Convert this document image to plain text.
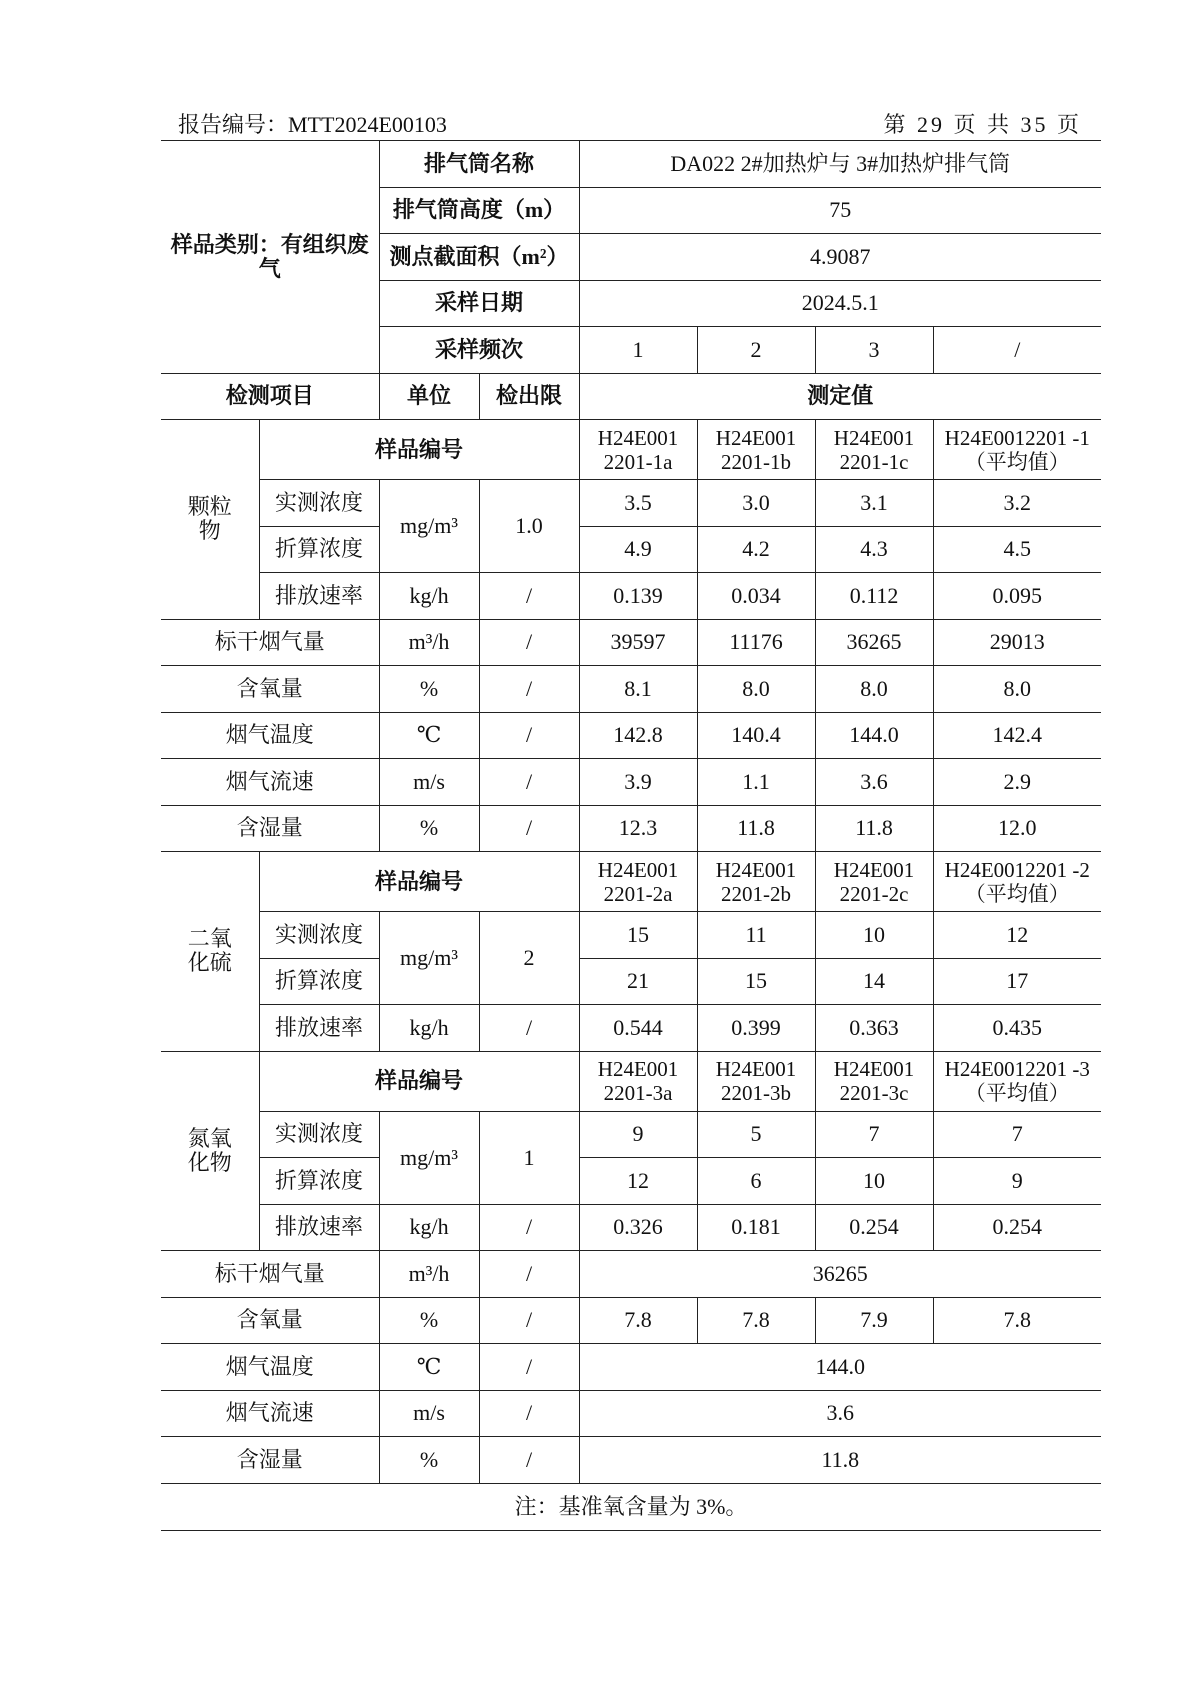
报告编号：MTT2024E00103	第 29 页 共 35 页
样品类别：有组织废气		排气筒名称		DA022 2#加热炉与 3#加热炉排气筒			
		排气筒高度（m）		75			
		测点截面积（m²）		4.9087			
		采样日期		2024.5.1			
		采样频次		1	2	3	/
检测项目		单位	检出限	测定值			
颗粒物	样品编号			H24E001 2201-1a	H24E001 2201-1b	H24E001 2201-1c	H24E0012201 -1（平均值）
	实测浓度	mg/m³	1.0	3.5	3.0	3.1	3.2
	折算浓度			4.9	4.2	4.3	4.5
	排放速率	kg/h	/	0.139	0.034	0.112	0.095
标干烟气量		m³/h	/	39597	11176	36265	29013
含氧量		%	/	8.1	8.0	8.0	8.0
烟气温度		℃	/	142.8	140.4	144.0	142.4
烟气流速		m/s	/	3.9	1.1	3.6	2.9
含湿量		%	/	12.3	11.8	11.8	12.0
二氧化硫	样品编号			H24E001 2201-2a	H24E001 2201-2b	H24E001 2201-2c	H24E0012201 -2（平均值）
	实测浓度	mg/m³	2	15	11	10	12
	折算浓度			21	15	14	17
	排放速率	kg/h	/	0.544	0.399	0.363	0.435
氮氧化物	样品编号			H24E001 2201-3a	H24E001 2201-3b	H24E001 2201-3c	H24E0012201 -3（平均值）
	实测浓度	mg/m³	1	9	5	7	7
	折算浓度			12	6	10	9
	排放速率	kg/h	/	0.326	0.181	0.254	0.254
标干烟气量		m³/h	/	36265			
含氧量		%	/	7.8	7.8	7.9	7.8
烟气温度		℃	/	144.0			
烟气流速		m/s	/	3.6			
含湿量		%	/	11.8			
注：基准氧含量为 3%。							
